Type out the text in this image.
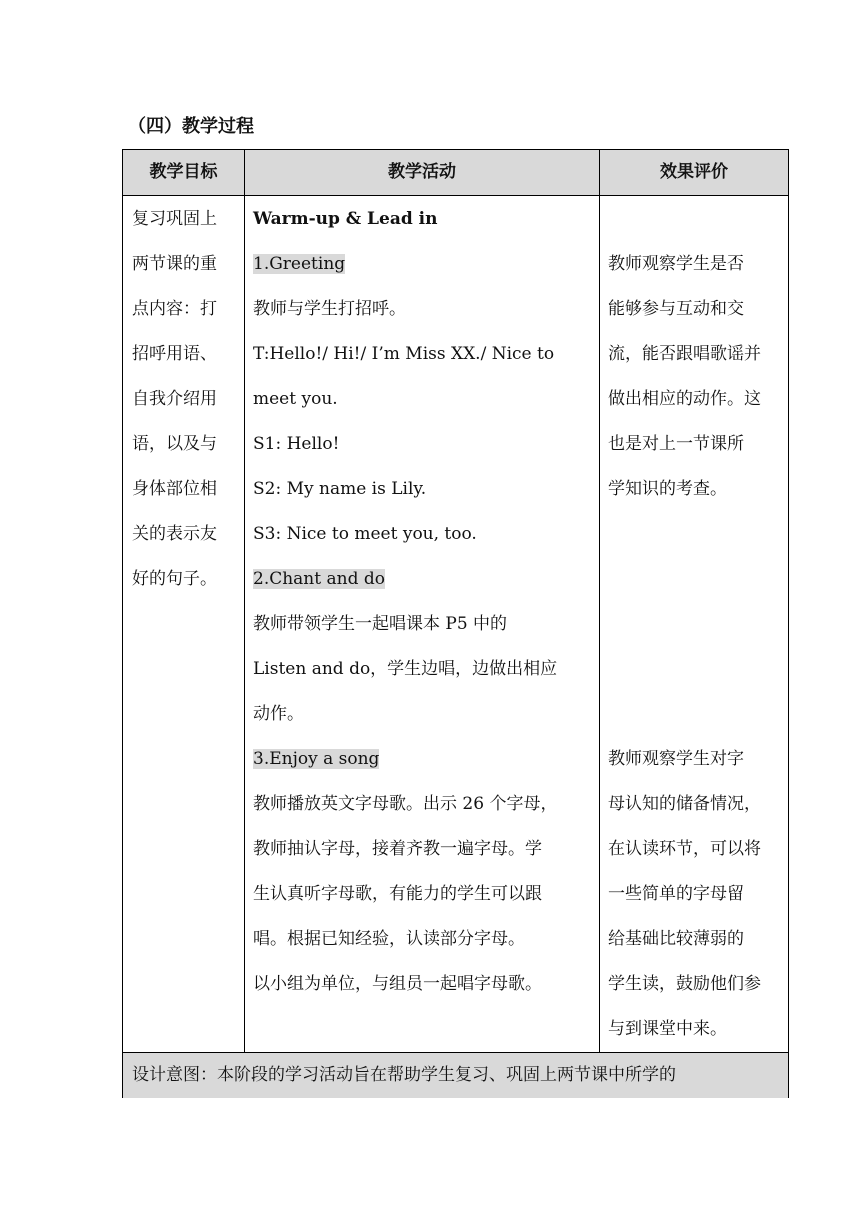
（四）教学过程
教学目标	教学活动	效果评价
复习巩固上
两节课的重
点内容：打
招呼用语、
自我介绍用
语，以及与
身体部位相
关的表示友
好的句子。
Warm-up & Lead in
1.Greeting
教师与学生打招呼。
T:Hello!/ Hi!/ I’m Miss XX./ Nice to
meet you.
S1: Hello!
S2: My name is Lily.
S3: Nice to meet you, too.
2.Chant and do
教师带领学生一起唱课本 P5 中的
Listen and do，学生边唱，边做出相应
动作。
3.Enjoy a song
教师播放英文字母歌。出示 26 个字母，
教师抽认字母，接着齐教一遍字母。学
生认真听字母歌，有能力的学生可以跟
唱。根据已知经验，认读部分字母。
以小组为单位，与组员一起唱字母歌。
教师观察学生是否
能够参与互动和交
流，能否跟唱歌谣并
做出相应的动作。这
也是对上一节课所
学知识的考查。
教师观察学生对字
母认知的储备情况，
在认读环节，可以将
一些简单的字母留
给基础比较薄弱的
学生读，鼓励他们参
与到课堂中来。
设计意图：本阶段的学习活动旨在帮助学生复习、巩固上两节课中所学的
